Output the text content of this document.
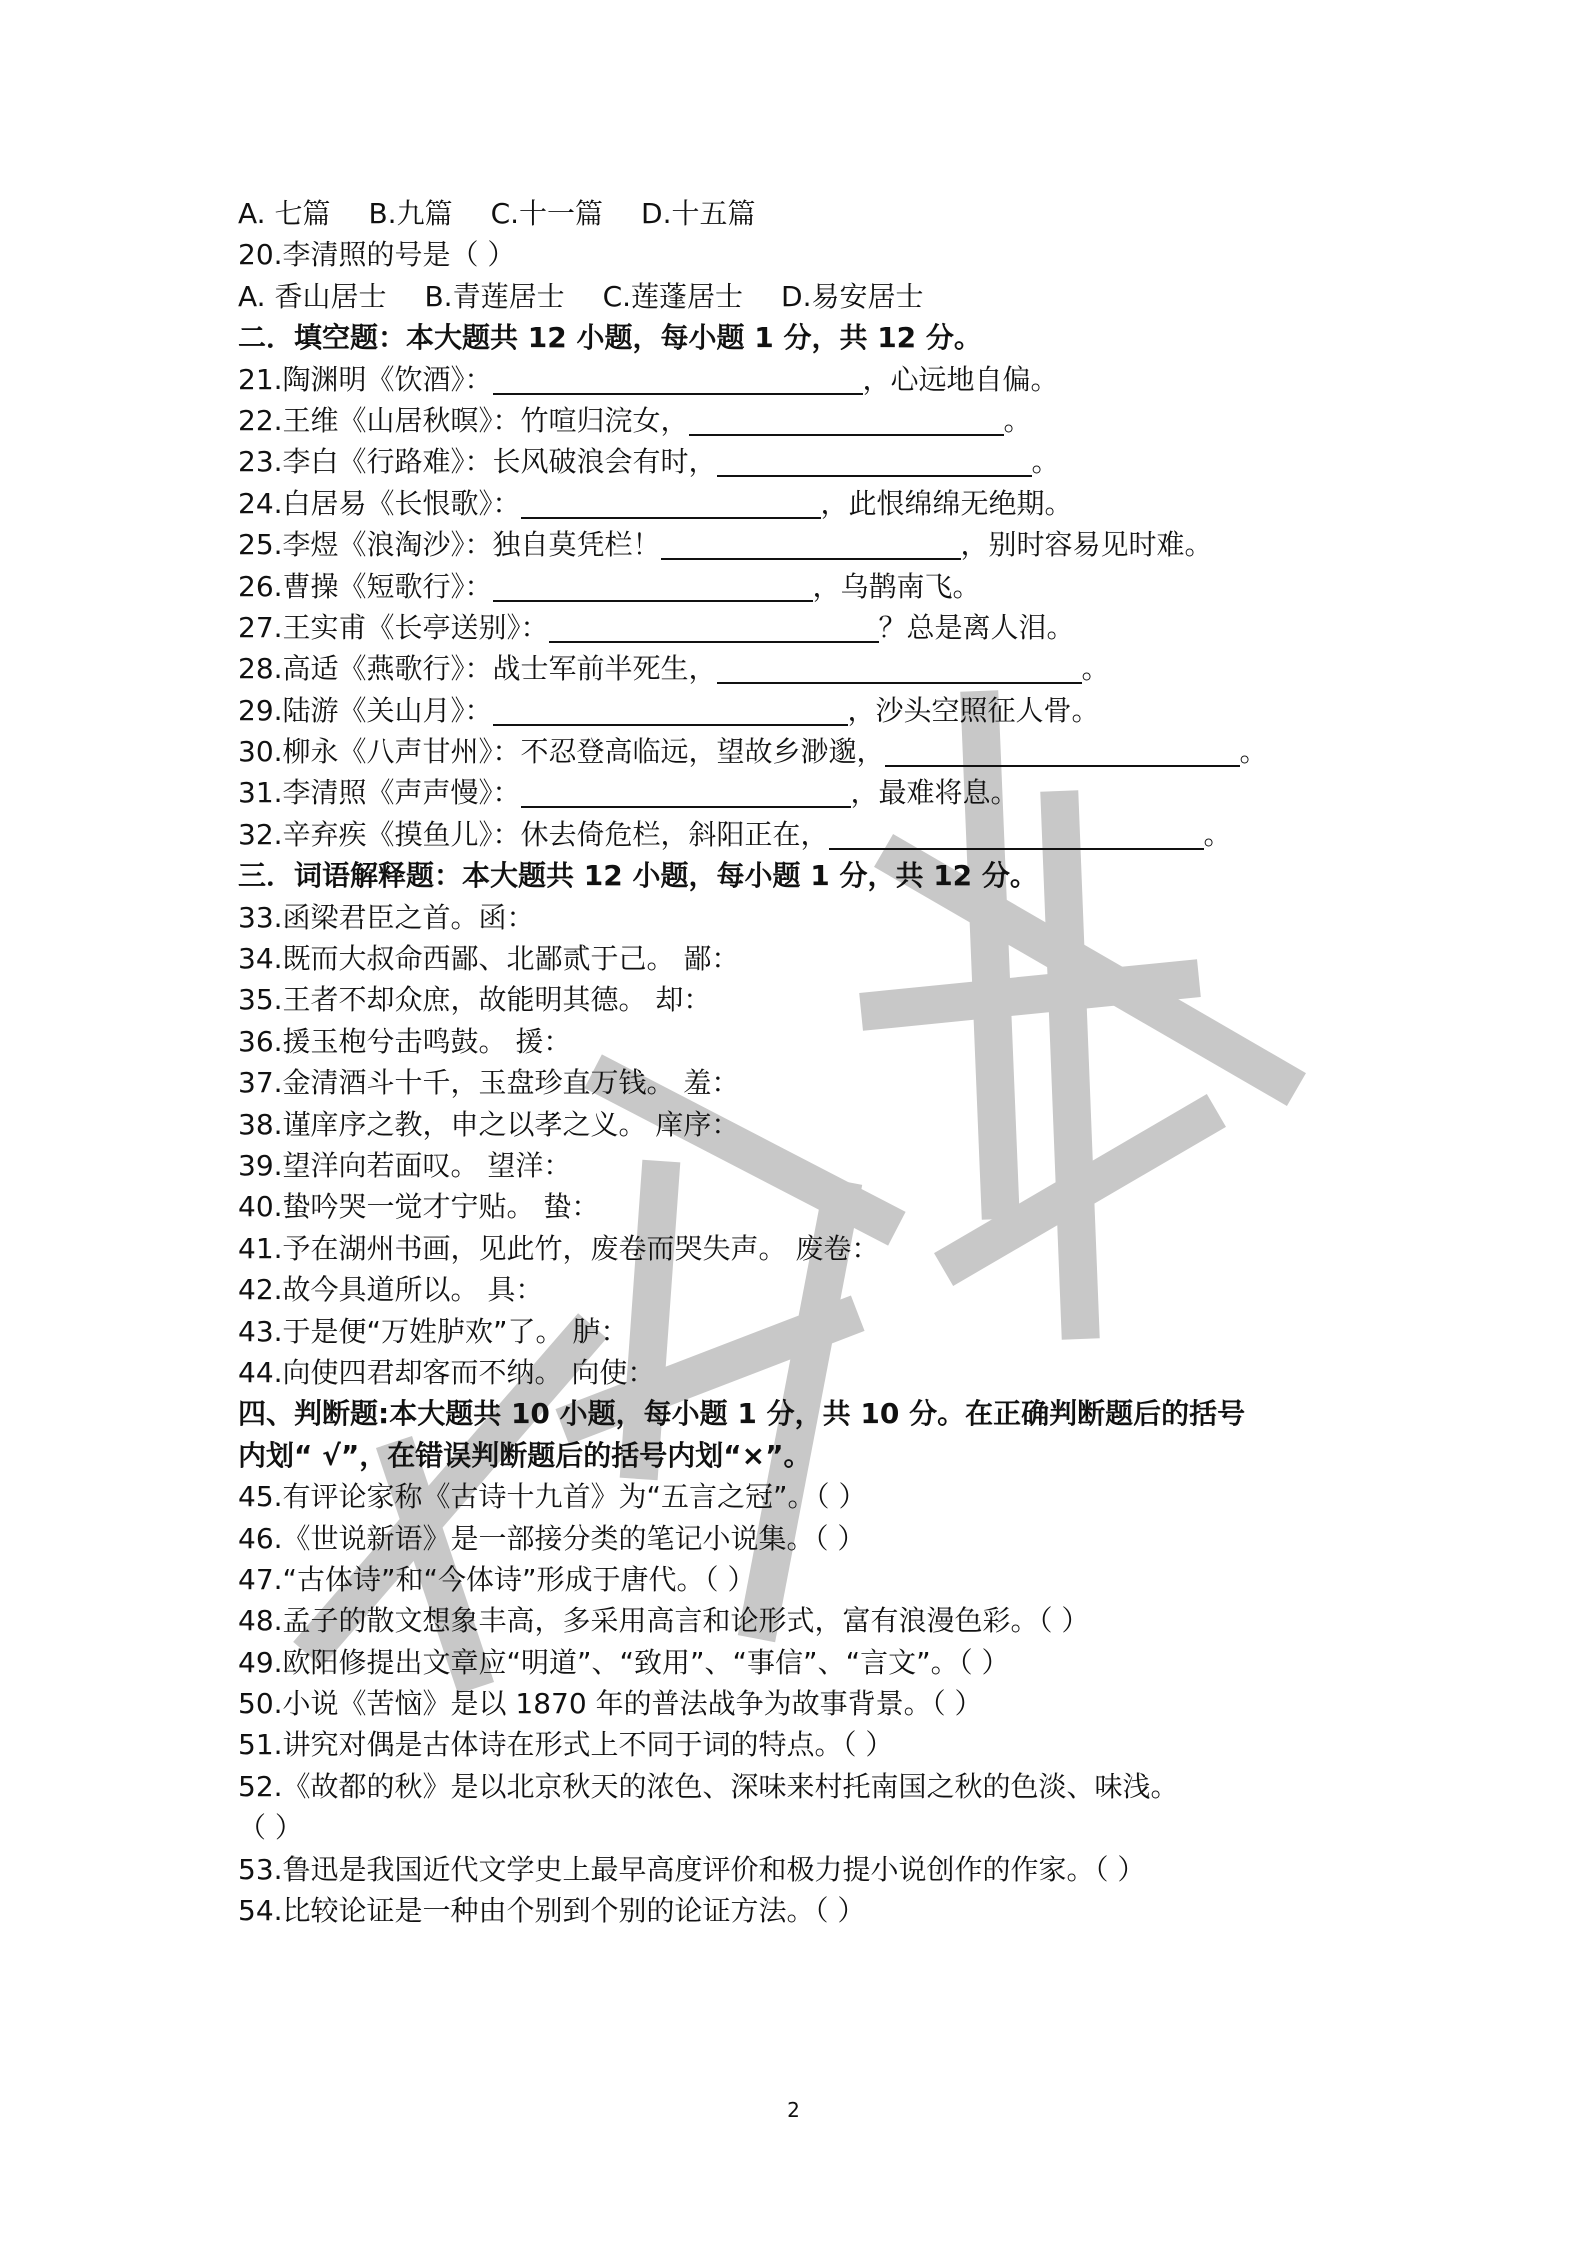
A. 七篇 B.九篇 C.十一篇 D.十五篇
20.李清照的号是（ ）
A. 香山居士 B.青莲居士 C.莲蓬居士 D.易安居士
二．填空题：本大题共 12 小题，每小题 1 分，共 12 分。
21.陶渊明《饮酒》：	，心远地自偏。
22.王维《山居秋暝》：竹喧归浣女，	。
23.李白《行路难》：长风破浪会有时，	。
24.白居易《长恨歌》：	，此恨绵绵无绝期。
25.李煜《浪淘沙》：独自莫凭栏！	，别时容易见时难。
26.曹操《短歌行》：	，乌鹊南飞。
27.王实甫《长亭送别》：	？总是离人泪。
28.高适《燕歌行》：战士军前半死生，	。
29.陆游《关山月》：	，沙头空照征人骨。
30.柳永《八声甘州》：不忍登高临远，望故乡渺邈，	。
31.李清照《声声慢》：	，最难将息。
32.辛弃疾《摸鱼儿》：休去倚危栏，斜阳正在，	。
三．词语解释题：本大题共 12 小题，每小题 1 分，共 12 分。
33.函梁君臣之首。函：
34.既而大叔命西鄙、北鄙贰于己。 鄙：
35.王者不却众庶，故能明其德。 却：
36.援玉枹兮击鸣鼓。 援：
37.金清酒斗十千，玉盘珍直万钱。 羞：
38.谨庠序之教，申之以孝之义。 庠序：
39.望洋向若面叹。 望洋：
40.蛰吟哭一觉才宁贴。 蛰：
41.予在湖州书画，见此竹，废卷而哭失声。 废卷：
42.故今具道所以。 具：
43.于是便“万姓胪欢”了。 胪：
44.向使四君却客而不纳。 向使：
四、判断题:本大题共 10 小题，每小题 1 分，共 10 分。在正确判断题后的括号
内划“ √”，在错误判断题后的括号内划“×”。
45.有评论家称《古诗十九首》为“五言之冠”。（ ）
46.《世说新语》是一部接分类的笔记小说集。（ ）
47.“古体诗”和“今体诗”形成于唐代。（ ）
48.孟子的散文想象丰高，多采用高言和论形式，富有浪漫色彩。（ ）
49.欧阳修提出文章应“明道”、“致用”、“事信”、“言文”。（ ）
50.小说《苦恼》是以 1870 年的普法战争为故事背景。（ ）
51.讲究对偶是古体诗在形式上不同于词的特点。（ ）
52.《故都的秋》是以北京秋天的浓色、深味来村托南国之秋的色淡、味浅。
（ ）
53.鲁迅是我国近代文学史上最早高度评价和极力提小说创作的作家。（ ）
54.比较论证是一种由个别到个别的论证方法。（ ）
2
